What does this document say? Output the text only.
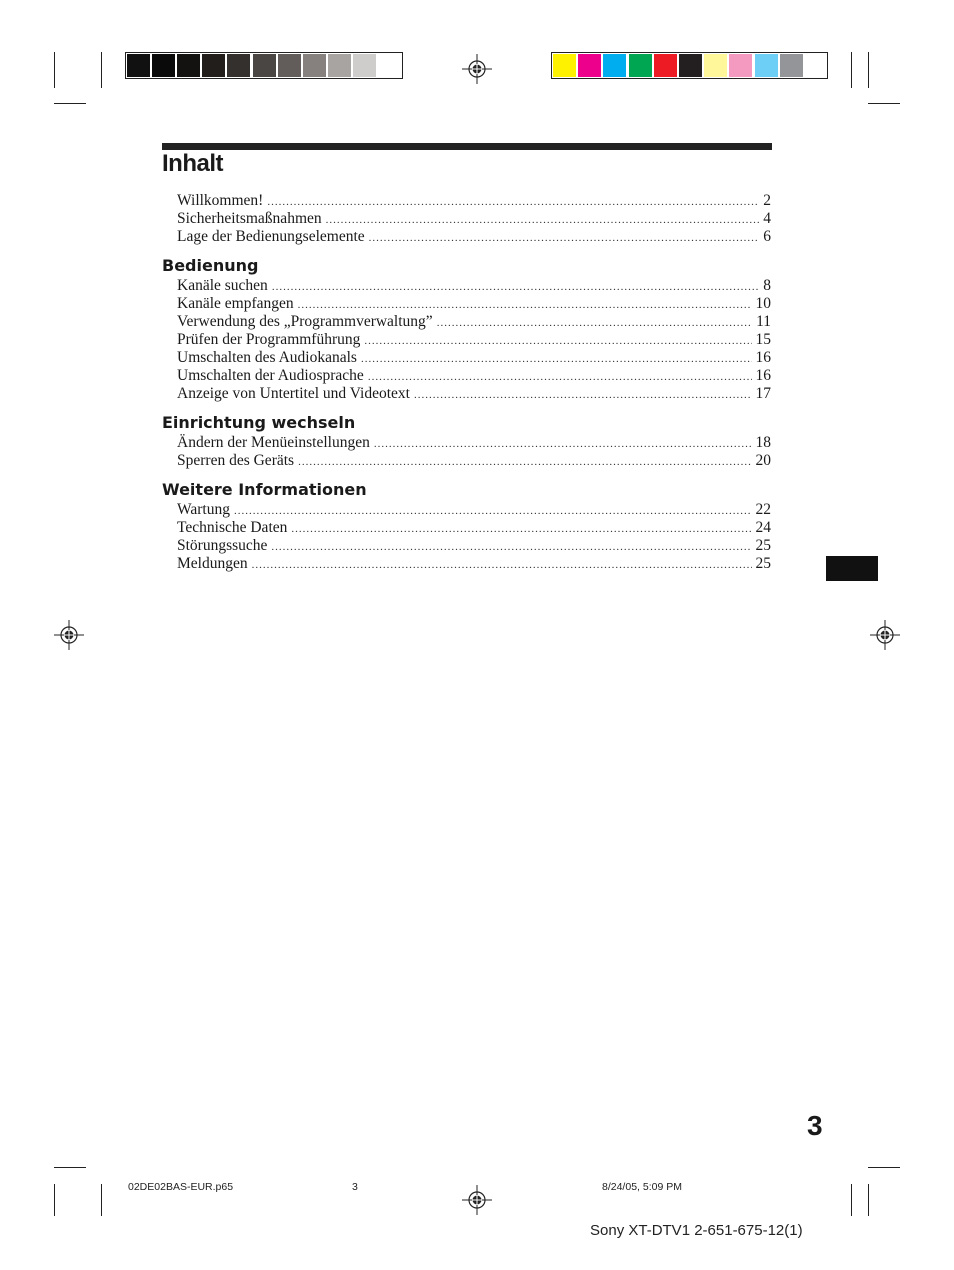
Inhalt
Willkommen! .....	2
Sicherheitsmaßnahmen .....	4
Lage der Bedienungselemente .....	6
Bedienung
Kanäle suchen .....	8
Kanäle empfangen .....	10
Verwendung des „Programmverwaltung” .....	11
Prüfen der Programmführung .....	15
Umschalten des Audiokanals .....	16
Umschalten der Audiosprache .....	16
Anzeige von Untertitel und Videotext .....	17
Einrichtung wechseln
Ändern der Menüeinstellungen .....	18
Sperren des Geräts .....	20
Weitere Informationen
Wartung .....	22
Technische Daten .....	24
Störungssuche .....	25
Meldungen .....	25
3
02DE02BAS-EUR.p65	3	8/24/05, 5:09 PM
Sony XT-DTV1 2-651-675-12(1)
